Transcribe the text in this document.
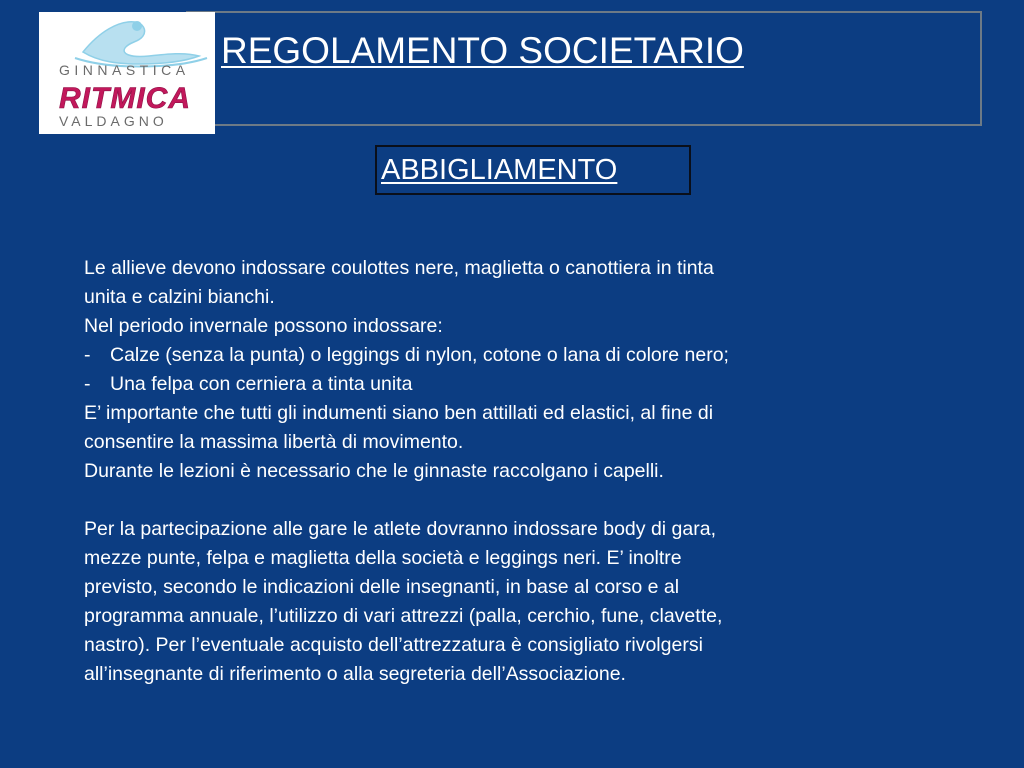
REGOLAMENTO SOCIETARIO
GINNASTICA
RITMICA
VALDAGNO
ABBIGLIAMENTO
Le allieve devono indossare coulottes nere, maglietta o canottiera in tinta
unita e calzini bianchi.
Nel periodo invernale possono indossare:
- Calze (senza la punta) o leggings di nylon, cotone o lana di colore nero;
- Una felpa con cerniera a tinta unita
E’ importante che tutti gli indumenti siano ben attillati ed elastici, al fine di
consentire la massima libertà di movimento.
Durante le lezioni è necessario che le ginnaste raccolgano i capelli.
Per la partecipazione alle gare le atlete dovranno indossare body di gara,
mezze punte, felpa e maglietta della società e leggings neri. E’ inoltre
previsto, secondo le indicazioni delle insegnanti, in base al corso e al
programma annuale, l’utilizzo di vari attrezzi (palla, cerchio, fune, clavette,
nastro). Per l’eventuale acquisto dell’attrezzatura è consigliato rivolgersi
all’insegnante di riferimento o alla segreteria dell’Associazione.
